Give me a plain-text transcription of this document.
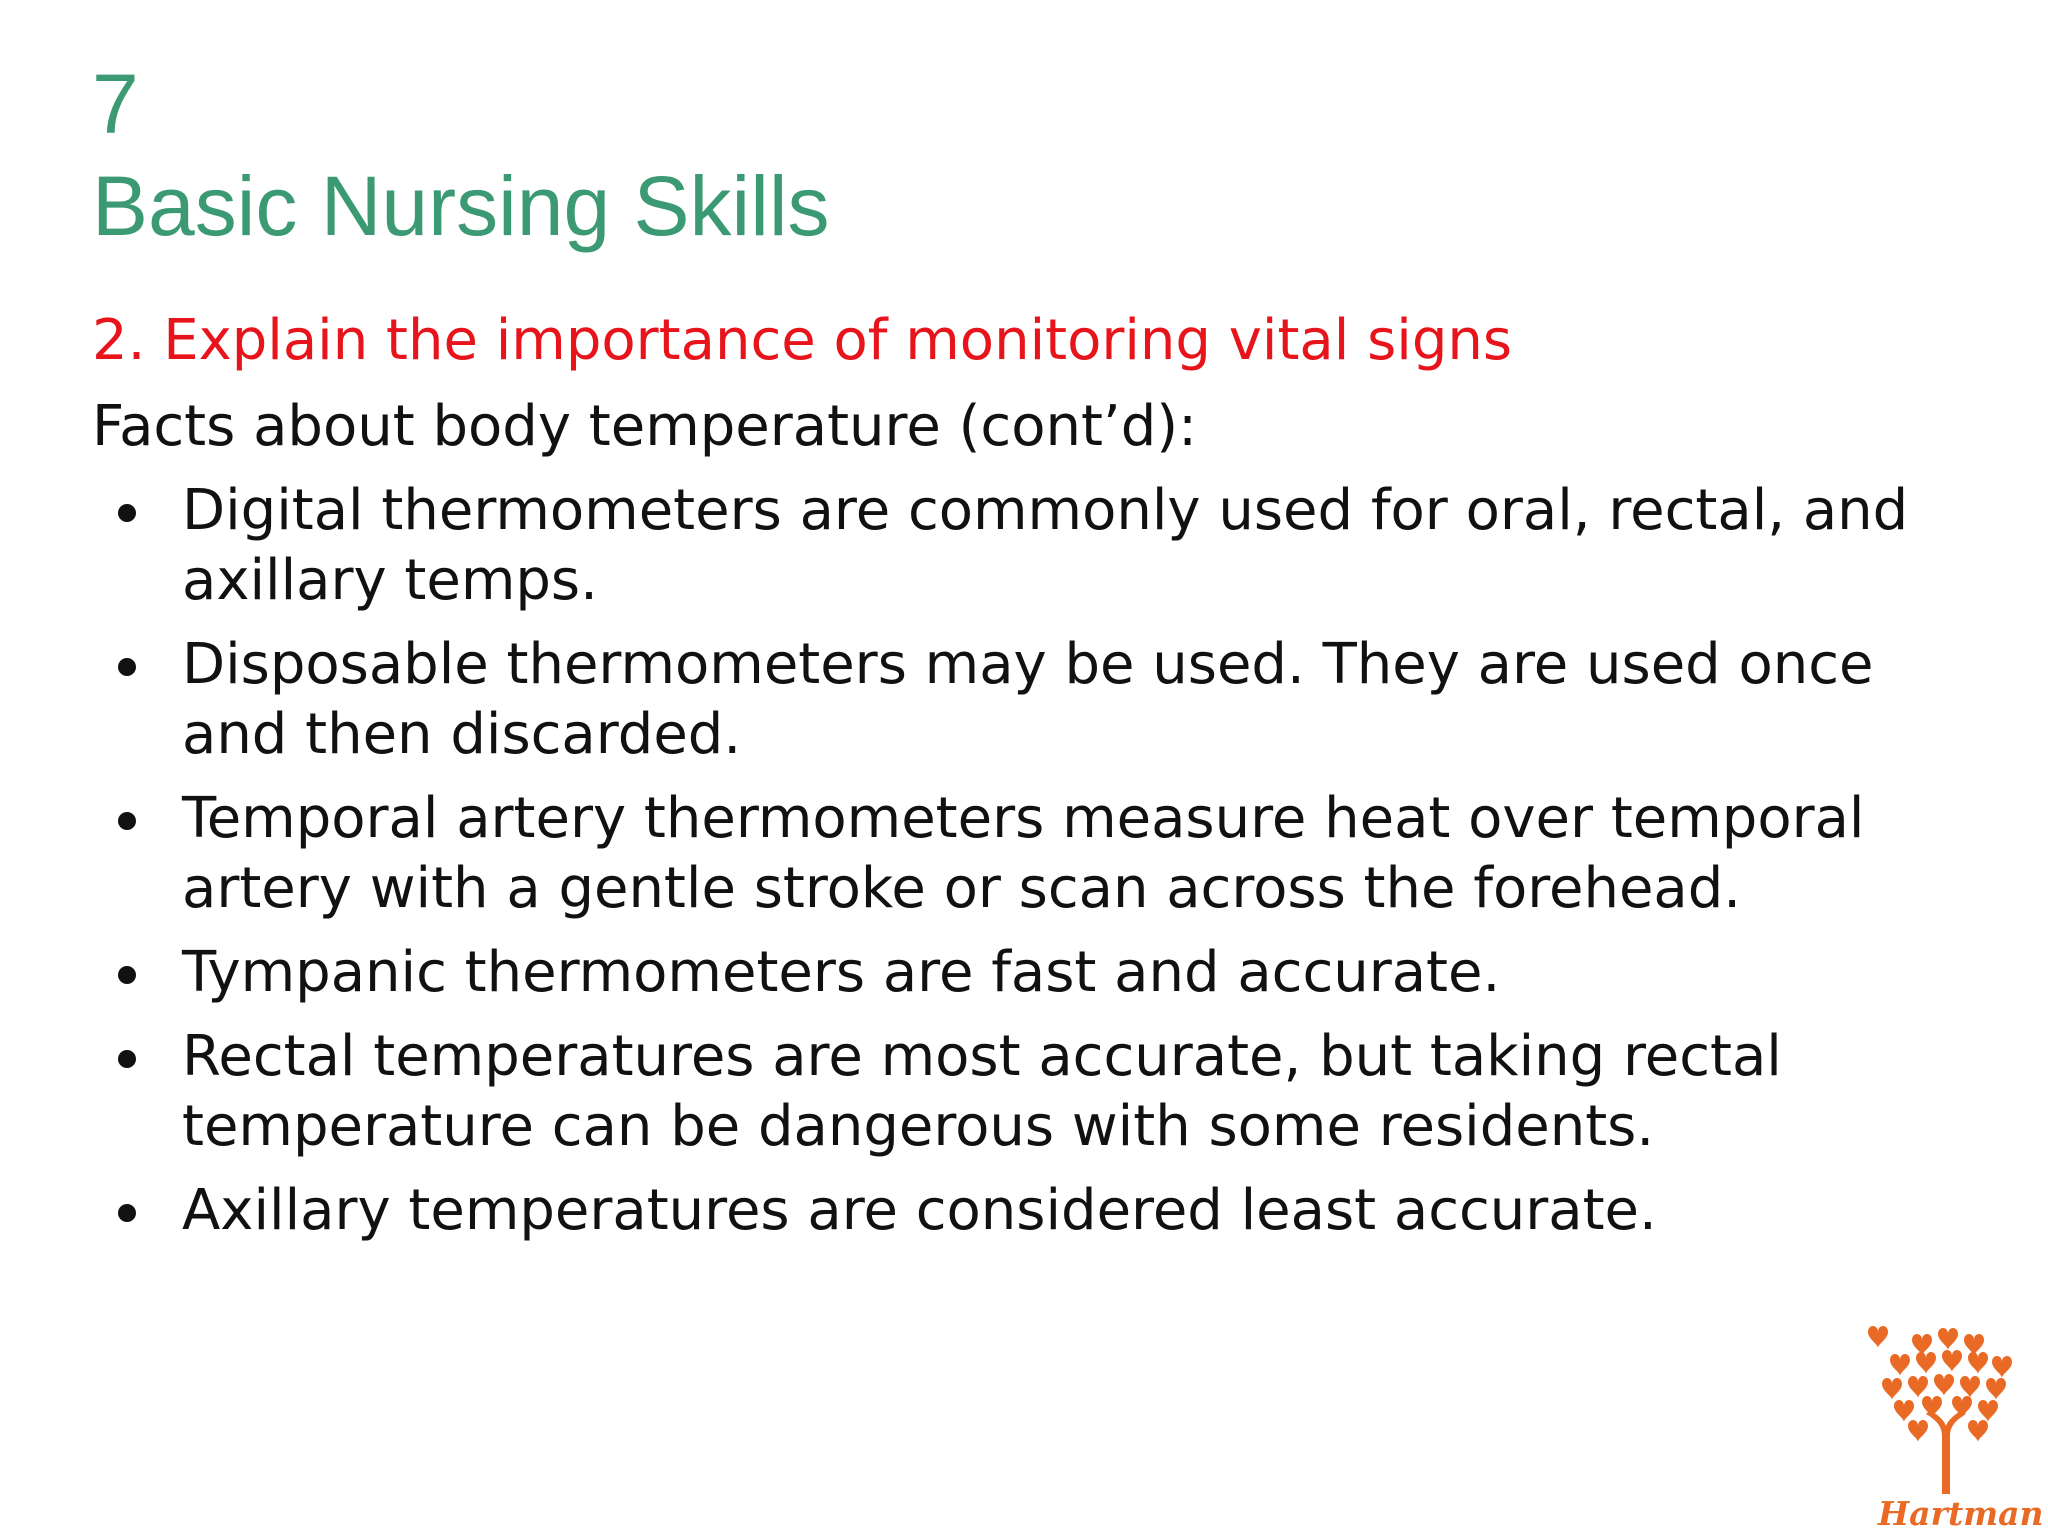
7
Basic Nursing Skills
2. Explain the importance of monitoring vital signs
Facts about body temperature (cont’d):
Digital thermometers are commonly used for oral, rectal, and
axillary temps.
Disposable thermometers may be used. They are used once
and then discarded.
Temporal artery thermometers measure heat over temporal
artery with a gentle stroke or scan across the forehead.
Tympanic thermometers are fast and accurate.
Rectal temperatures are most accurate, but taking rectal
temperature can be dangerous with some residents.
Axillary temperatures are considered least accurate.
Hartman
